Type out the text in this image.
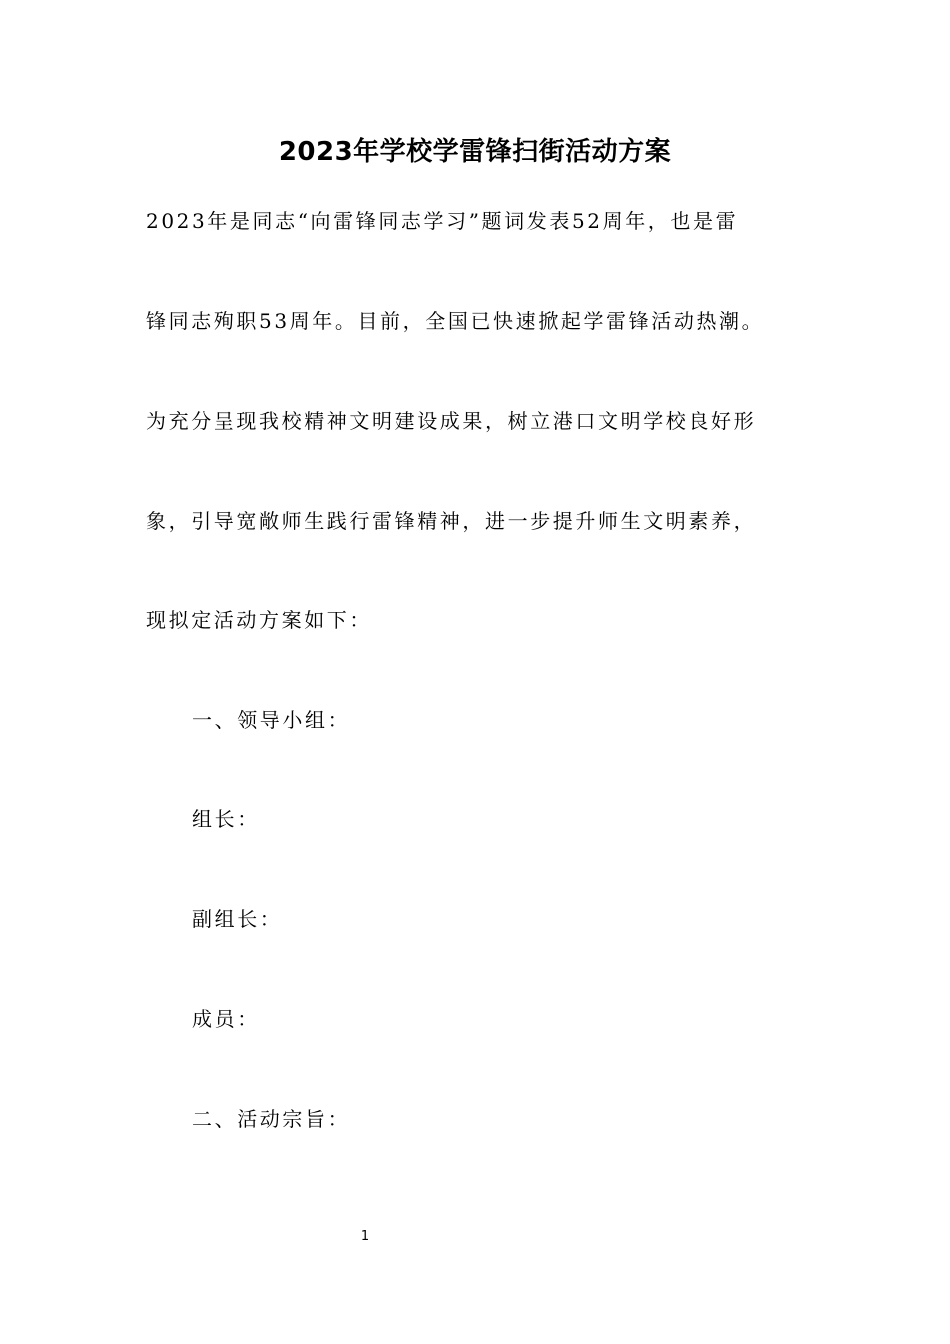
2023年学校学雷锋扫街活动方案
2023年是同志“向雷锋同志学习”题词发表52周年，也是雷
锋同志殉职53周年。目前，全国已快速掀起学雷锋活动热潮。
为充分呈现我校精神文明建设成果，树立港口文明学校良好形
象，引导宽敞师生践行雷锋精神，进一步提升师生文明素养，
现拟定活动方案如下：
一、领导小组：
组长：
副组长：
成员：
二、活动宗旨：
1
